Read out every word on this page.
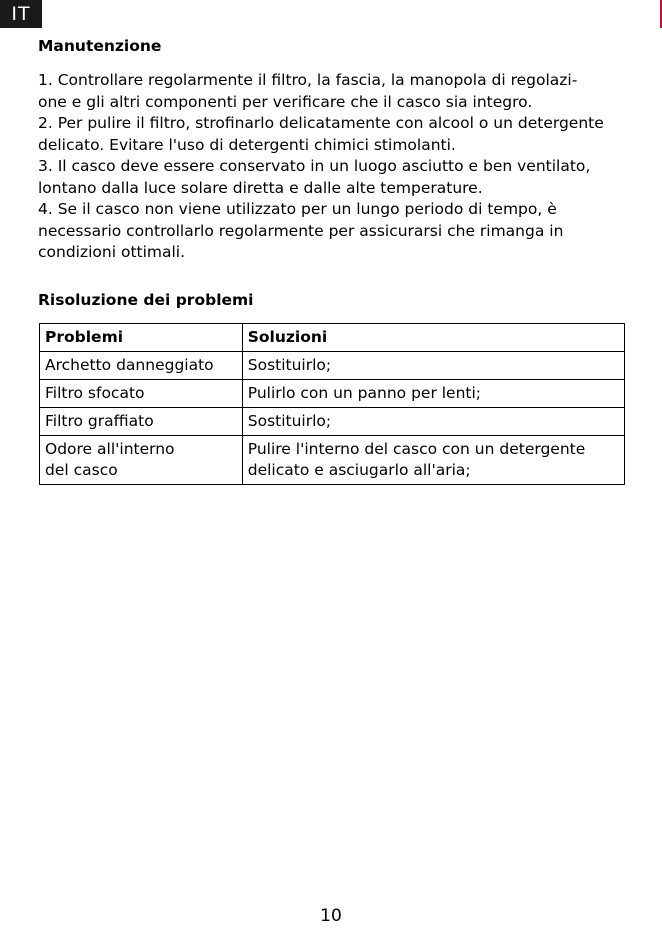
IT
Manutenzione
1. Controllare regolarmente il filtro, la fascia, la manopola di regolazi-
one e gli altri componenti per verificare che il casco sia integro.
2. Per pulire il filtro, strofinarlo delicatamente con alcool o un detergente delicato. Evitare l'uso di detergenti chimici stimolanti.
3. Il casco deve essere conservato in un luogo asciutto e ben ventilato, lontano dalla luce solare diretta e dalle alte temperature.
4. Se il casco non viene utilizzato per un lungo periodo di tempo, è necessario controllarlo regolarmente per assicurarsi che rimanga in condizioni ottimali.
Risoluzione dei problemi
Problemi	Soluzioni
Archetto danneggiato	Sostituirlo;
Filtro sfocato	Pulirlo con un panno per lenti;
Filtro graffiato	Sostituirlo;

Odore all'interno
del casco	Pulire l'interno del casco con un detergente
delicato e asciugarlo all'aria;
10
